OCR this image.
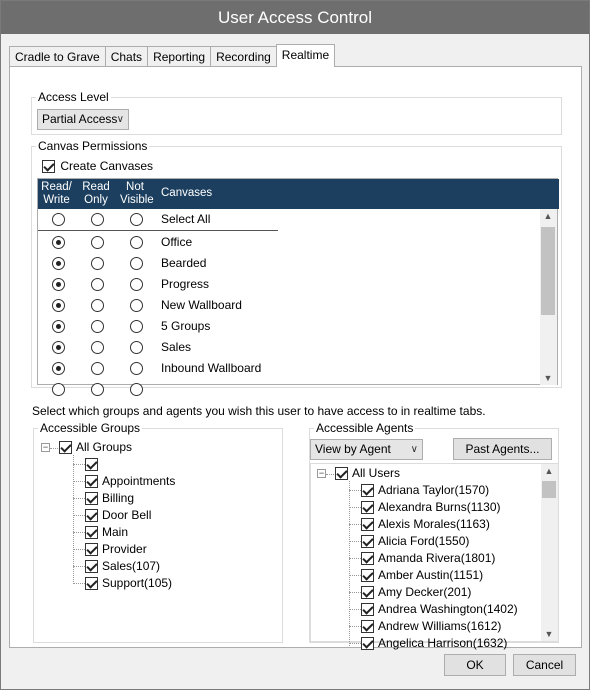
User Access Control
Cradle to Grave Chats Reporting Recording Realtime
Access Level
Partial Access ∨
Canvas Permissions
Create Canvases
Read/
Write
Read
Only
Not
Visible
Canvases
Select All
Office
Bearded
Progress
New Wallboard
5 Groups
Sales
Inbound Wallboard
▲
▼
Select which groups and agents you wish this user to have access to in realtime tabs.
Accessible Groups
− All Groups
Appointments
Billing
Door Bell
Main
Provider
Sales(107)
Support(105)
Accessible Agents
View by Agent ∨	Past Agents...
− All Users
Adriana Taylor(1570)
Alexandra Burns(1130)
Alexis Morales(1163)
Alicia Ford(1550)
Amanda Rivera(1801)
Amber Austin(1151)
Amy Decker(201)
Andrea Washington(1402)
Andrew Williams(1612)
Angelica Harrison(1632)
▲
▼
OK	Cancel
